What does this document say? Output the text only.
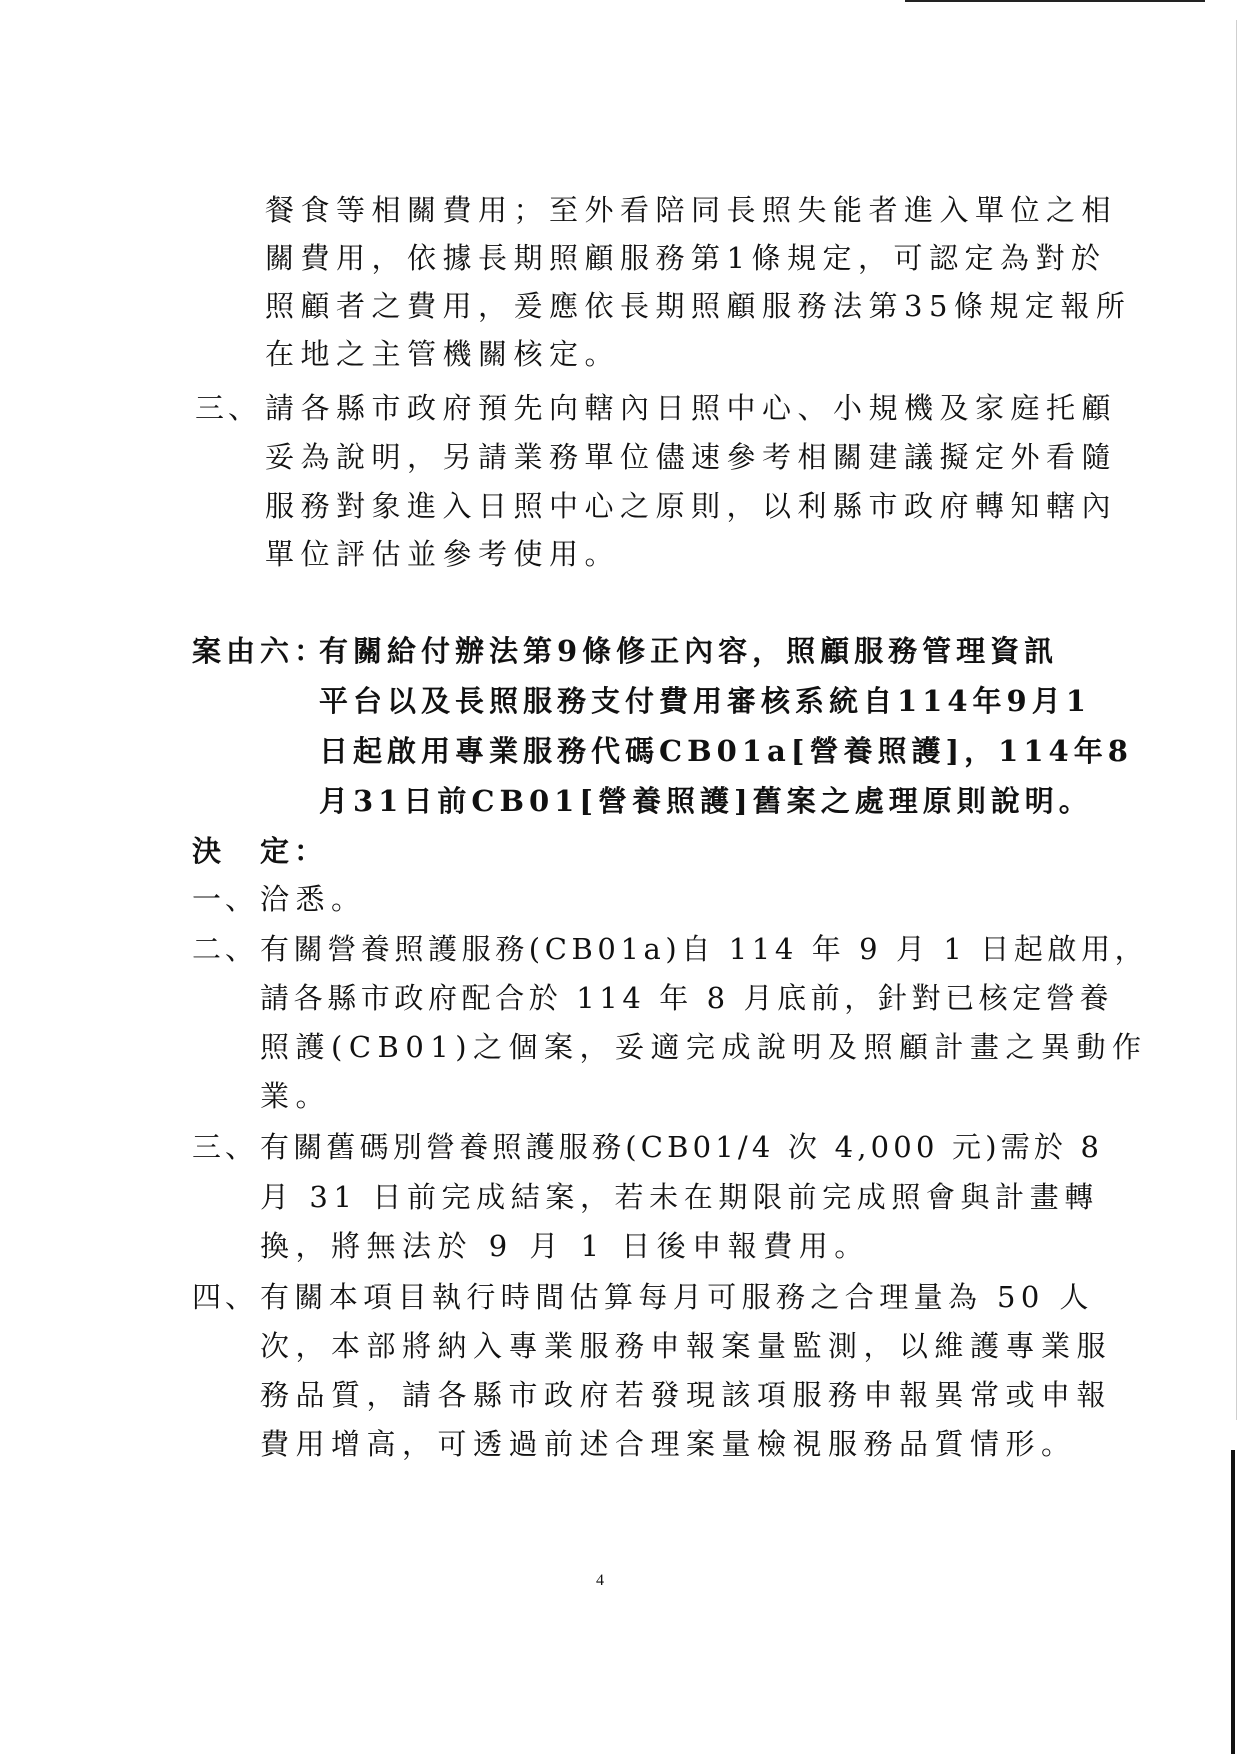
餐食等相關費用；至外看陪同長照失能者進入單位之相
關費用，依據長期照顧服務第1條規定，可認定為對於
照顧者之費用，爰應依長期照顧服務法第35條規定報所
在地之主管機關核定。
三、 請各縣市政府預先向轄內日照中心、小規機及家庭托顧
妥為說明，另請業務單位儘速參考相關建議擬定外看隨
服務對象進入日照中心之原則，以利縣市政府轉知轄內
單位評估並參考使用。
案由六：
有關給付辦法第9條修正內容，照顧服務管理資訊
平台以及長照服務支付費用審核系統自114年9月1
日起啟用專業服務代碼CB01a[營養照護]，114年8
月31日前CB01[營養照護]舊案之處理原則說明。
決　定：
一、 洽悉。
二、 有關營養照護服務(CB01a)自 114 年 9 月 1 日起啟用，
請各縣市政府配合於 114 年 8 月底前，針對已核定營養
照護(CB01)之個案，妥適完成說明及照顧計畫之異動作
業。
三、 有關舊碼別營養照護服務(CB01/4 次 4,000 元)需於 8
月 31 日前完成結案，若未在期限前完成照會與計畫轉
換，將無法於 9 月 1 日後申報費用。
四、 有關本項目執行時間估算每月可服務之合理量為 50 人
次，本部將納入專業服務申報案量監測，以維護專業服
務品質，請各縣市政府若發現該項服務申報異常或申報
費用增高，可透過前述合理案量檢視服務品質情形。
4
